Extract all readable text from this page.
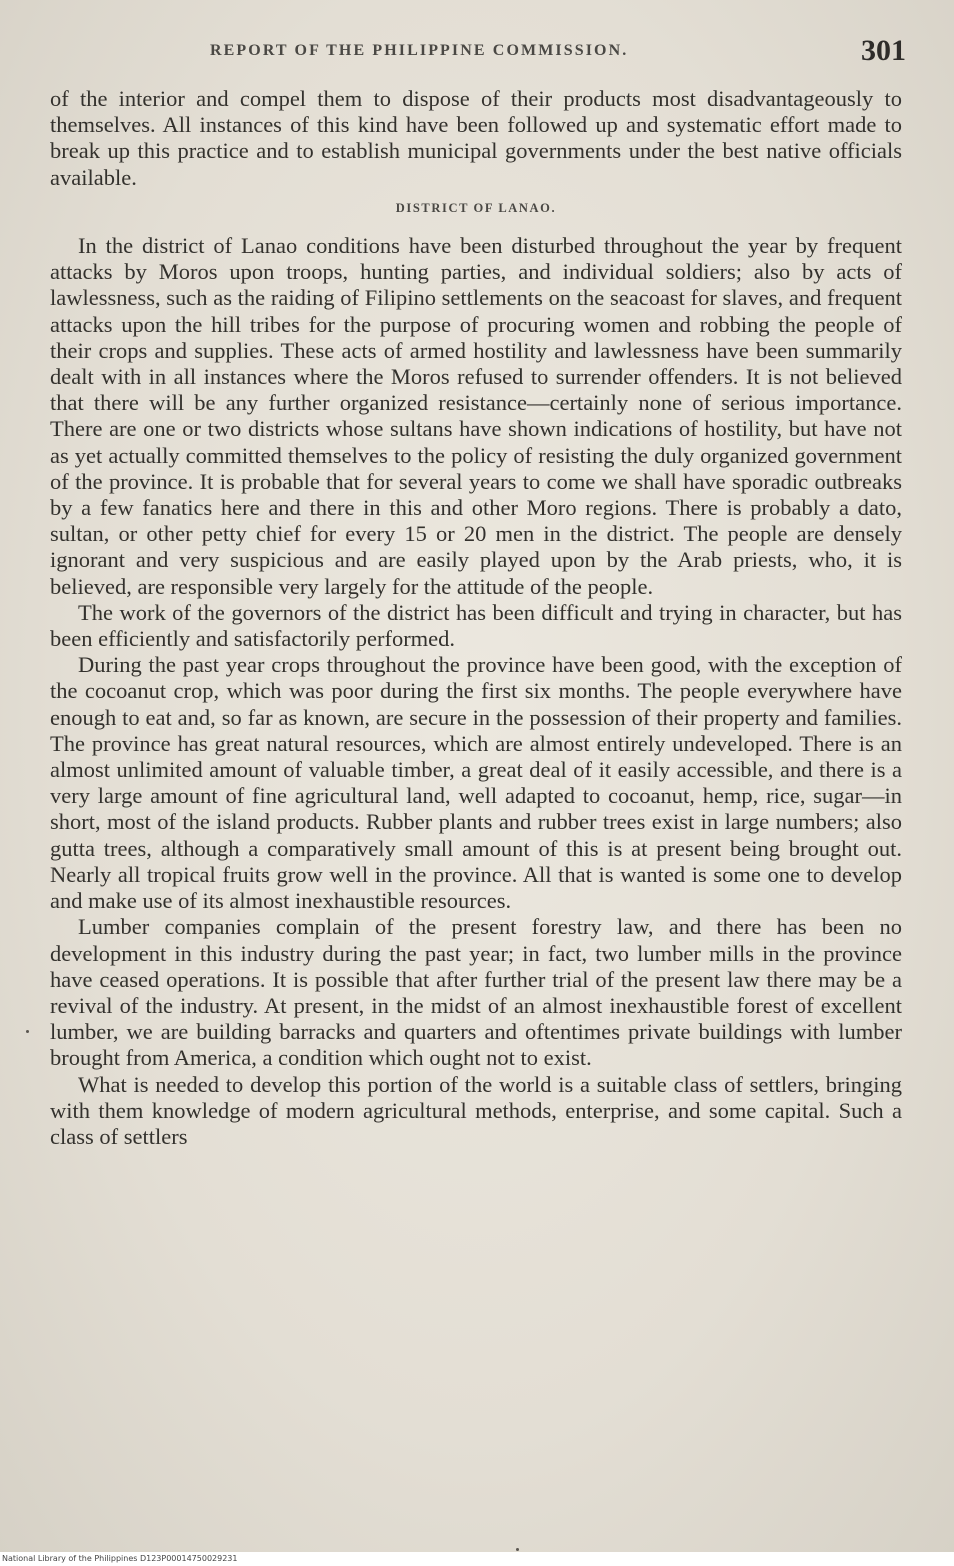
REPORT OF THE PHILIPPINE COMMISSION.	301

of the interior and compel them to dispose of their products most disadvantageously to themselves. All instances of this kind have been followed up and systematic effort made to break up this practice and to establish municipal governments under the best native officials available.

DISTRICT OF LANAO.

In the district of Lanao conditions have been disturbed throughout the year by frequent attacks by Moros upon troops, hunting parties, and individual soldiers; also by acts of lawlessness, such as the raiding of Filipino settlements on the seacoast for slaves, and frequent attacks upon the hill tribes for the purpose of procuring women and robbing the people of their crops and supplies. These acts of armed hostility and lawlessness have been summarily dealt with in all instances where the Moros refused to surrender offenders. It is not believed that there will be any further organized resistance—certainly none of serious importance. There are one or two districts whose sultans have shown indications of hostility, but have not as yet actually committed themselves to the policy of resisting the duly organized government of the province. It is probable that for several years to come we shall have sporadic outbreaks by a few fanatics here and there in this and other Moro regions. There is probably a dato, sultan, or other petty chief for every 15 or 20 men in the district. The people are densely ignorant and very suspicious and are easily played upon by the Arab priests, who, it is believed, are responsible very largely for the attitude of the people.

The work of the governors of the district has been difficult and trying in character, but has been efficiently and satisfactorily performed.

During the past year crops throughout the province have been good, with the exception of the cocoanut crop, which was poor during the first six months. The people everywhere have enough to eat and, so far as known, are secure in the possession of their property and families. The province has great natural resources, which are almost entirely undeveloped. There is an almost unlimited amount of valuable timber, a great deal of it easily accessible, and there is a very large amount of fine agricultural land, well adapted to cocoanut, hemp, rice, sugar—in short, most of the island products. Rubber plants and rubber trees exist in large numbers; also gutta trees, although a comparatively small amount of this is at present being brought out. Nearly all tropical fruits grow well in the province. All that is wanted is some one to develop and make use of its almost inexhaustible resources.

Lumber companies complain of the present forestry law, and there has been no development in this industry during the past year; in fact, two lumber mills in the province have ceased operations. It is possible that after further trial of the present law there may be a revival of the industry. At present, in the midst of an almost inexhaustible forest of excellent lumber, we are building barracks and quarters and oftentimes private buildings with lumber brought from America, a condition which ought not to exist.

What is needed to develop this portion of the world is a suitable class of settlers, bringing with them knowledge of modern agricultural methods, enterprise, and some capital. Such a class of settlers

National Library of the Philippines D123P00014750029231
